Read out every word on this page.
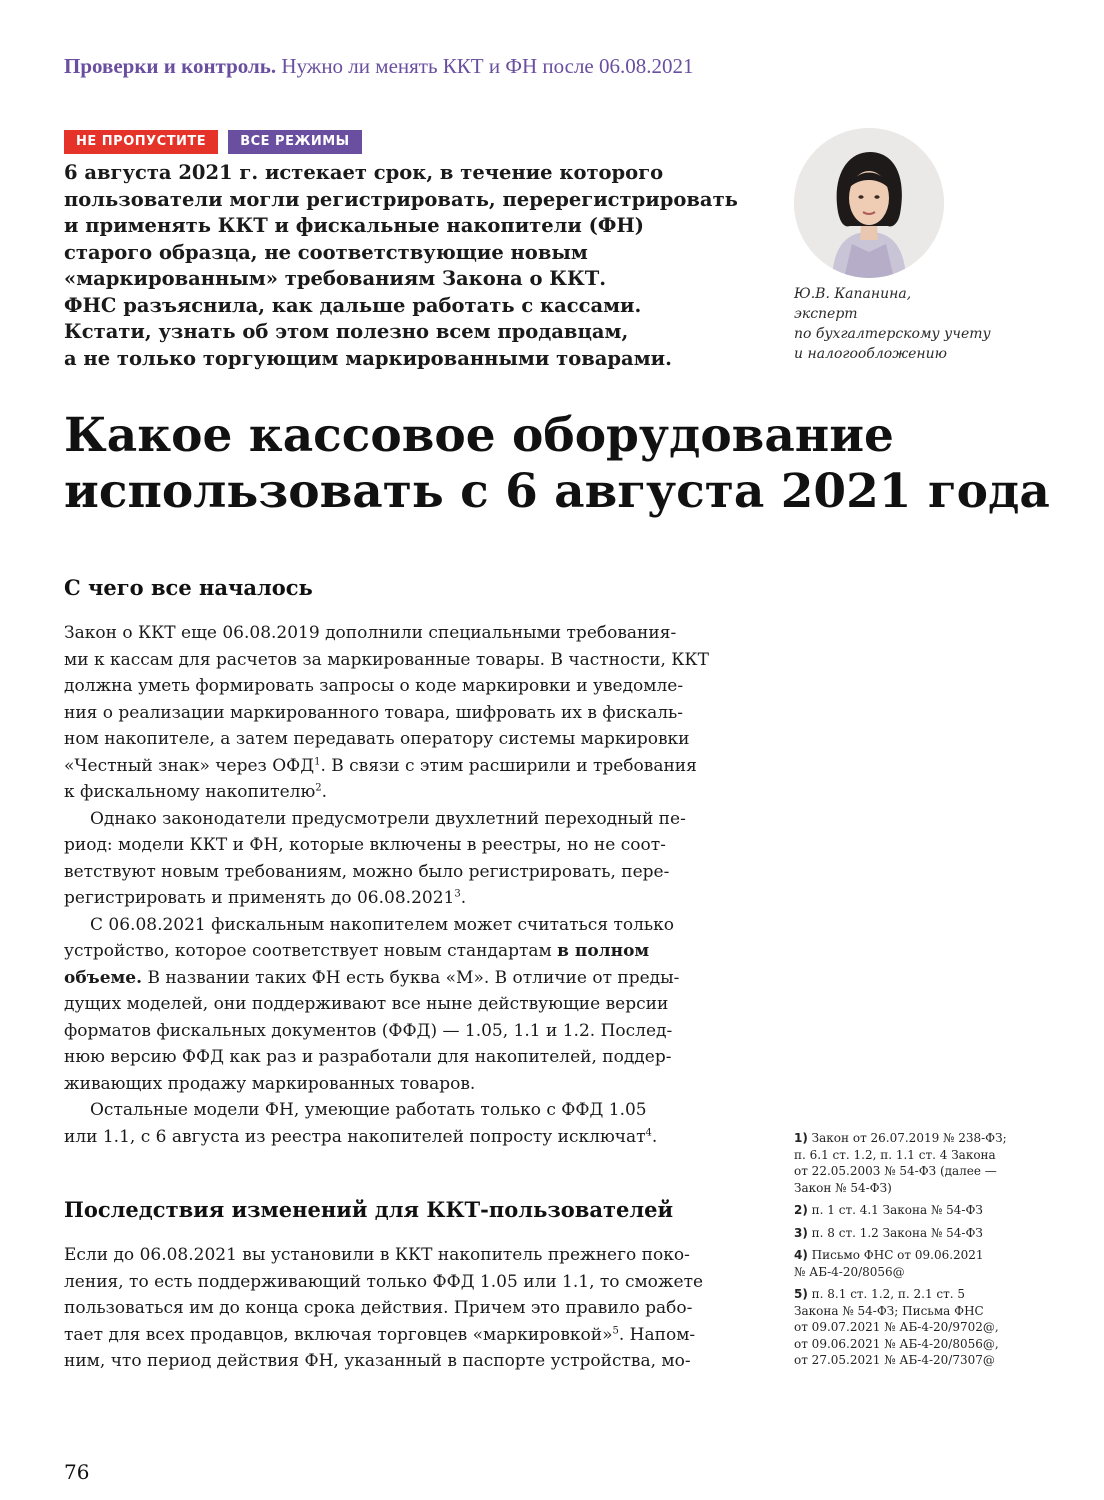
Проверки и контроль. Нужно ли менять ККТ и ФН после 06.08.2021
НЕ ПРОПУСТИТЕ	ВСЕ РЕЖИМЫ

6 августа 2021 г. истекает срок, в течение которого
пользователи могли регистрировать, перерегистрировать
и применять ККТ и фискальные накопители (ФН)
старого образца, не соответствующие новым
«маркированным» требованиям Закона о ККТ.
ФНС разъяснила, как дальше работать с кассами.
Кстати, узнать об этом полезно всем продавцам,
а не только торгующим маркированными товарами.

Ю.В. Капанина,
эксперт
по бухгалтерскому учету
и налогообложению
Какое кассовое оборудование
использовать с 6 августа 2021 года
С чего все началось
Закон о ККТ еще 06.08.2019 дополнили специальными требования-
ми к кассам для расчетов за маркированные товары. В частности, ККТ
должна уметь формировать запросы о коде маркировки и уведомле-
ния о реализации маркированного товара, шифровать их в фискаль-
ном накопителе, а затем передавать оператору системы маркировки
«Честный знак» через ОФД$^1$. В связи с этим расширили и требования
к фискальному накопителю$^2$.
Однако законодатели предусмотрели двухлетний переходный пе-
риод: модели ККТ и ФН, которые включены в реестры, но не соот-
ветствуют новым требованиям, можно было регистрировать, пере-
регистрировать и применять до 06.08.2021$^3$.
С 06.08.2021 фискальным накопителем может считаться только
устройство, которое соответствует новым стандартам в полном
объеме. В названии таких ФН есть буква «М». В отличие от преды-
дущих моделей, они поддерживают все ныне действующие версии
форматов фискальных документов (ФФД) — 1.05, 1.1 и 1.2. Послед-
нюю версию ФФД как раз и разработали для накопителей, поддер-
живающих продажу маркированных товаров.
Остальные модели ФН, умеющие работать только с ФФД 1.05
или 1.1, с 6 августа из реестра накопителей попросту исключат$^4$.
Последствия изменений для ККТ-пользователей
Если до 06.08.2021 вы установили в ККТ накопитель прежнего поко-
ления, то есть поддерживающий только ФФД 1.05 или 1.1, то сможете
пользоваться им до конца срока действия. Причем это правило рабо-
тает для всех продавцов, включая торговцев «маркировкой»$^5$. Напом-
ним, что период действия ФН, указанный в паспорте устройства, мо-
1) Закон от 26.07.2019 № 238-ФЗ;
п. 6.1 ст. 1.2, п. 1.1 ст. 4 Закона
от 22.05.2003 № 54-ФЗ (далее —
Закон № 54-ФЗ)
2) п. 1 ст. 4.1 Закона № 54-ФЗ
3) п. 8 ст. 1.2 Закона № 54-ФЗ
4) Письмо ФНС от 09.06.2021
№ АБ-4-20/8056@
5) п. 8.1 ст. 1.2, п. 2.1 ст. 5
Закона № 54-ФЗ; Письма ФНС
от 09.07.2021 № АБ-4-20/9702@,
от 09.06.2021 № АБ-4-20/8056@,
от 27.05.2021 № АБ-4-20/7307@
76
